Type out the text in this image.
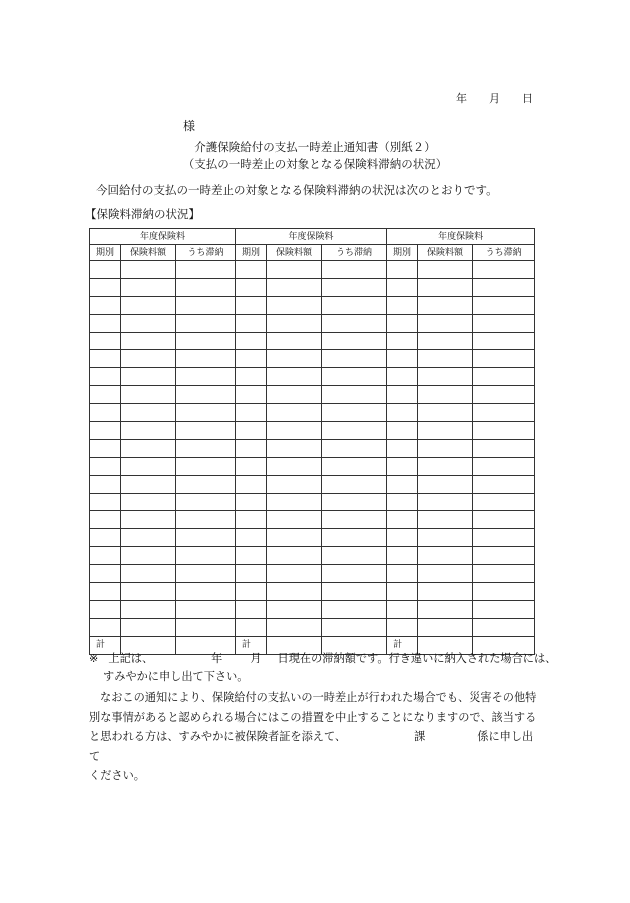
年 月 日
様
介護保険給付の支払一時差止通知書（別紙２）
（支払の一時差止の対象となる保険料滞納の状況）
今回給付の支払の一時差止の対象となる保険料滞納の状況は次のとおりです。
【保険料滞納の状況】
年度保険料			年度保険料			年度保険料		
期別	保険料額	うち滞納	期別	保険料額	うち滞納	期別	保険料額	うち滞納

計			計			計		
※ 上記は、	年	月 日現在の滞納額です。行き違いに納入された場合には、
すみやかに申し出て下さい。

なおこの通知により、保険給付の支払いの一時差止が行われた場合でも、災害その他特

別な事情があると認められる場合にはこの措置を中止することになりますので、該当する

と思われる方は、すみやかに被保険者証を添えて、	課	係に申し出て

ください。
